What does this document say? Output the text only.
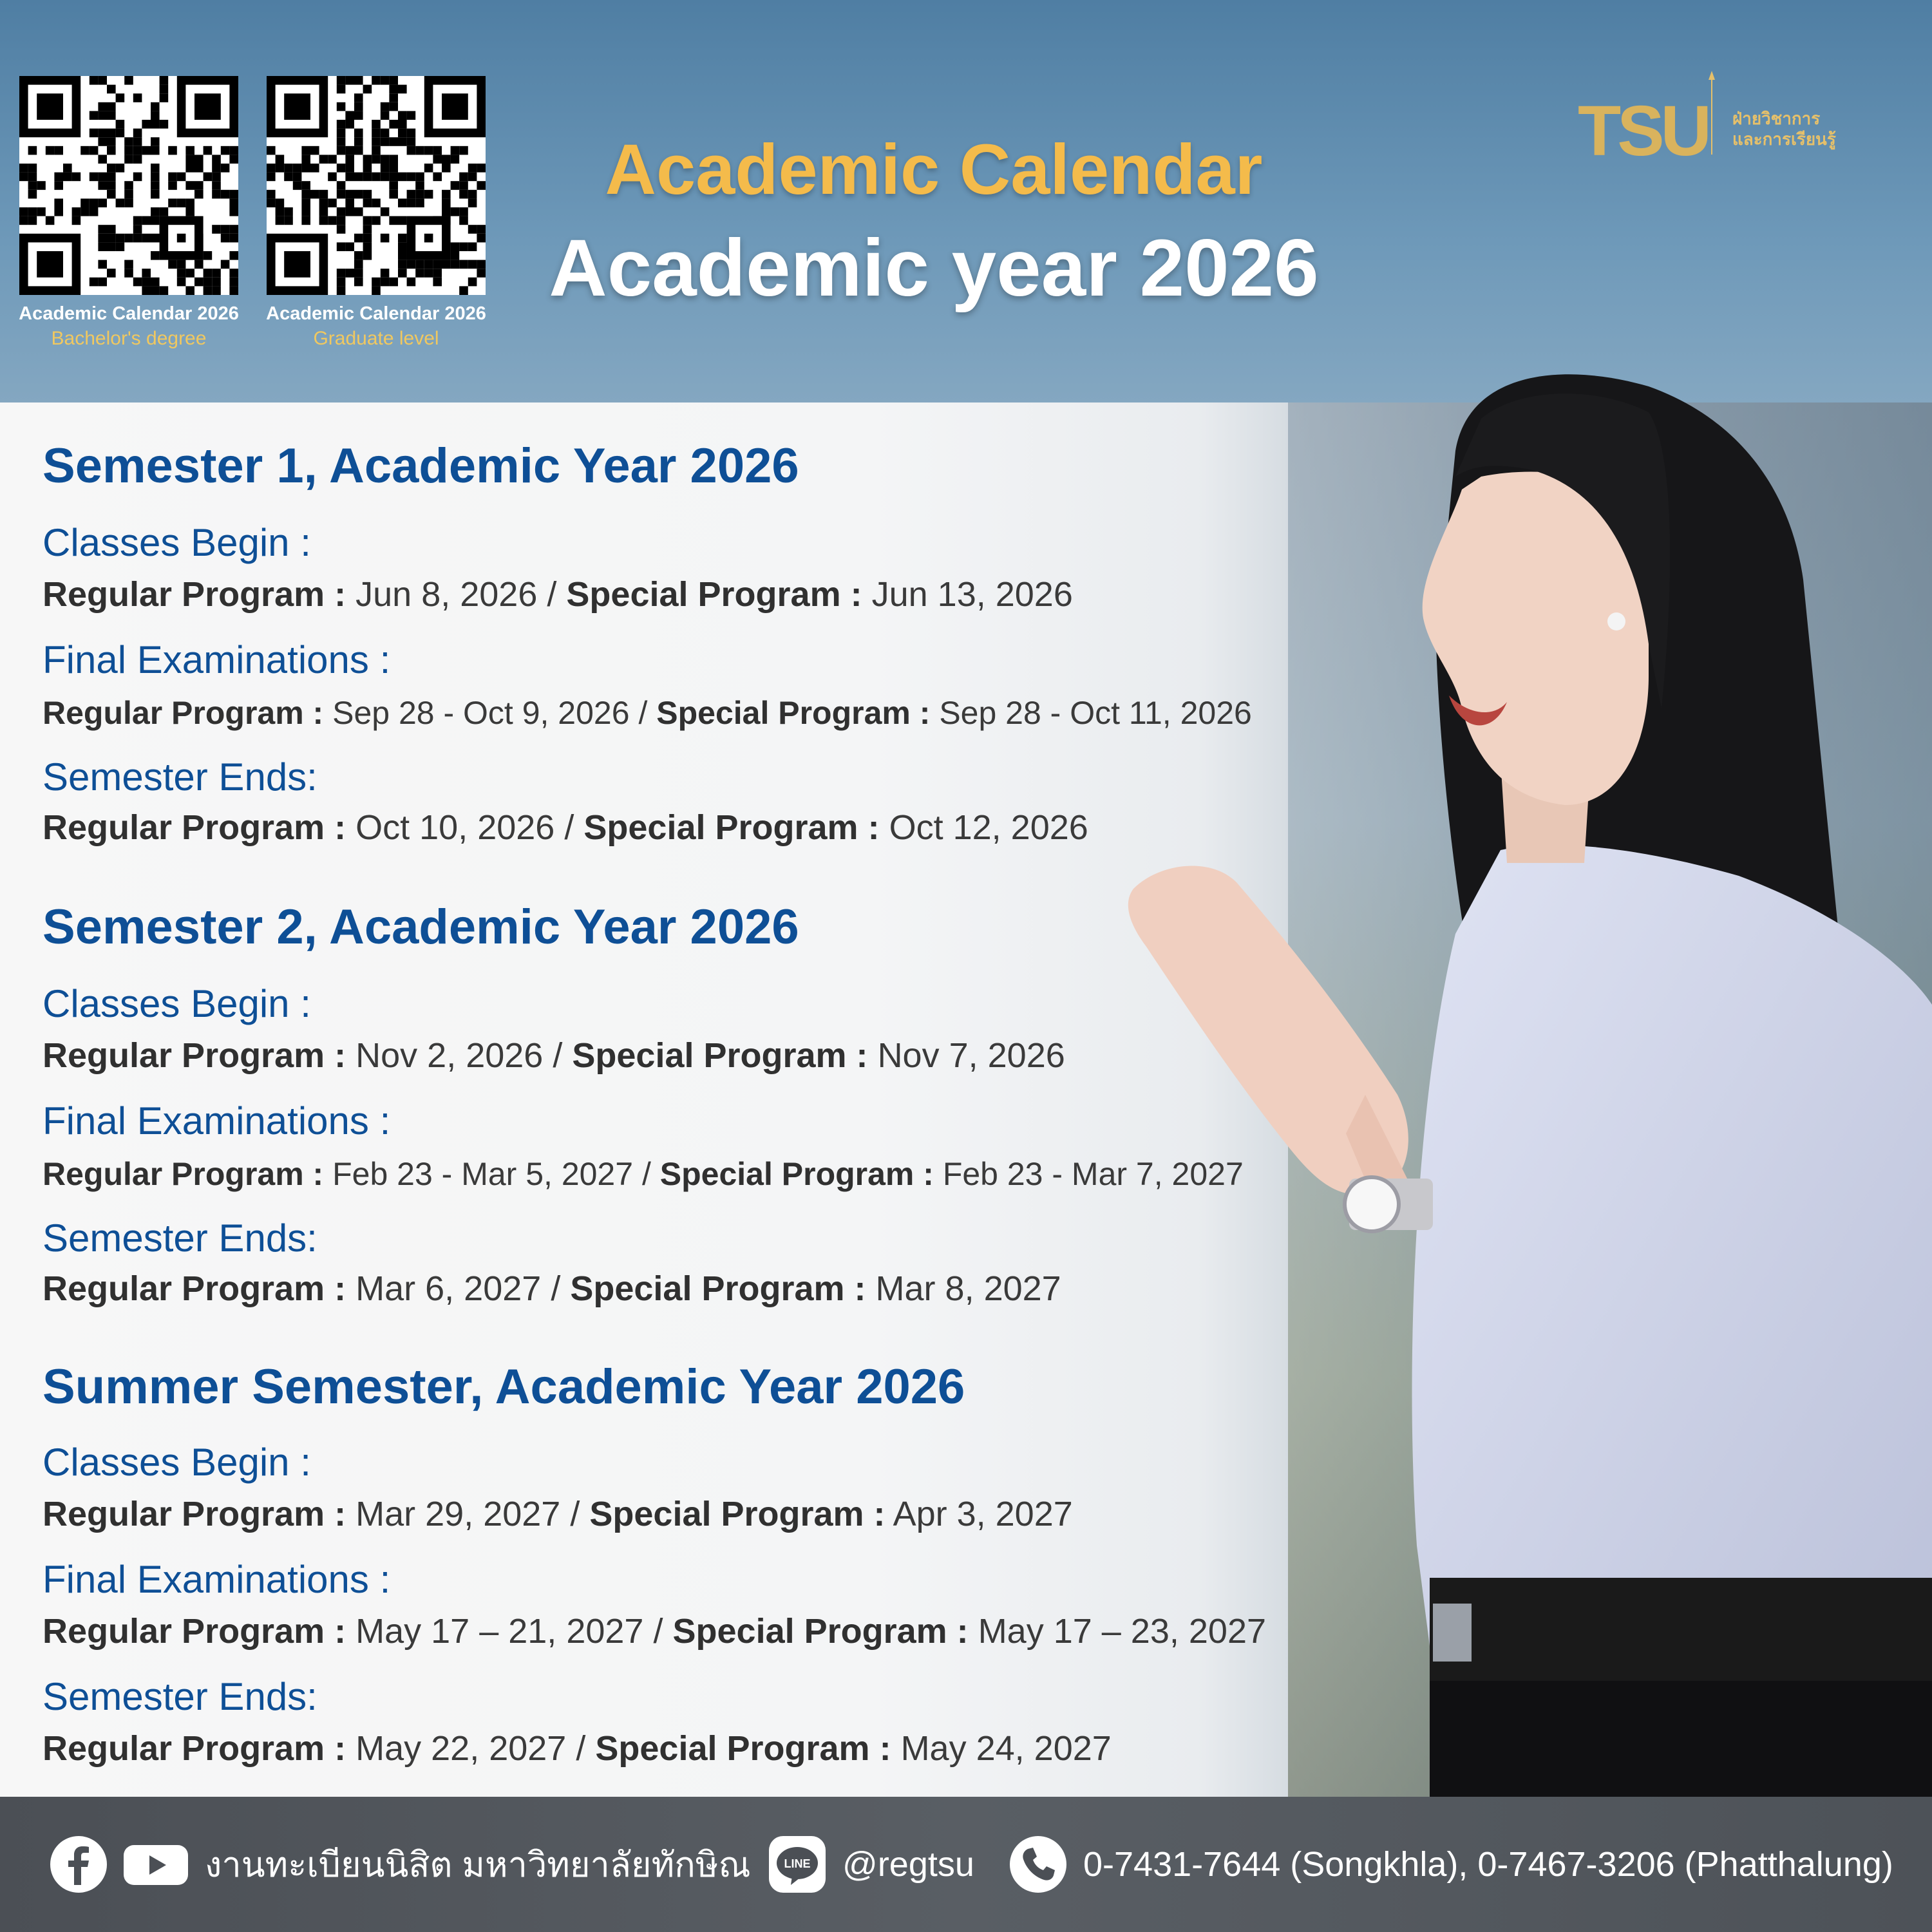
Academic Calendar 2026
Bachelor's degree
Academic Calendar 2026
Graduate level
Academic Calendar
Academic year 2026
TSU ฝ่ายวิชาการ
และการเรียนรู้
Semester 1, Academic Year 2026
Classes Begin :
Regular Program : Jun 8, 2026 / Special Program : Jun 13, 2026
Final Examinations :
Regular Program : Sep 28 - Oct 9, 2026 / Special Program : Sep 28 - Oct 11, 2026
Semester Ends:
Regular Program : Oct 10, 2026 / Special Program : Oct 12, 2026
Semester 2, Academic Year 2026
Classes Begin :
Regular Program : Nov 2, 2026 / Special Program : Nov 7, 2026
Final Examinations :
Regular Program : Feb 23 - Mar 5, 2027 / Special Program : Feb 23 - Mar 7, 2027
Semester Ends:
Regular Program : Mar 6, 2027 / Special Program : Mar 8, 2027
Summer Semester, Academic Year 2026
Classes Begin :
Regular Program : Mar 29, 2027 / Special Program : Apr 3, 2027
Final Examinations :
Regular Program : May 17 – 21, 2027 / Special Program : May 17 – 23, 2027
Semester Ends:
Regular Program : May 22, 2027 / Special Program : May 24, 2027
งานทะเบียนนิสิต มหาวิทยาลัยทักษิณ	LINE @regtsu	0-7431-7644 (Songkhla), 0-7467-3206 (Phatthalung)
